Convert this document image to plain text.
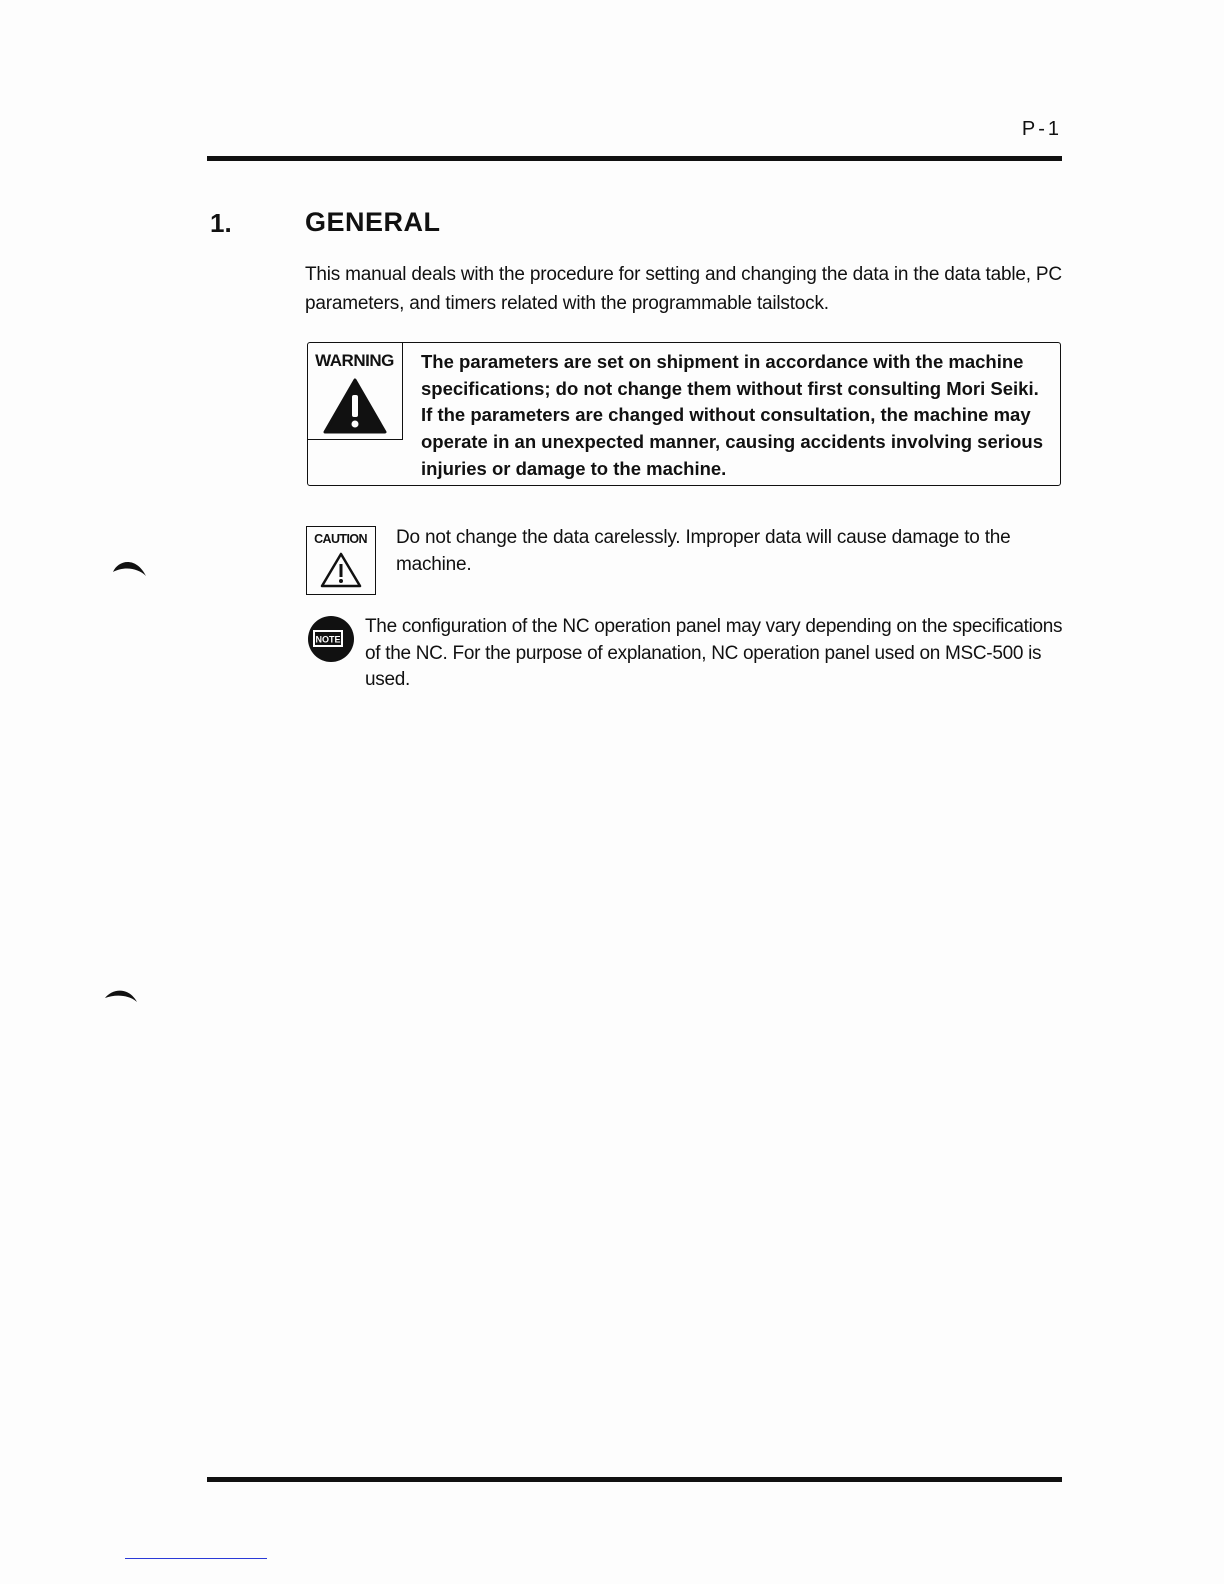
P-1
1.	GENERAL
This manual deals with the procedure for setting and changing the data in the data table, PC parameters, and timers related with the programmable tailstock.
WARNING	The parameters are set on shipment in accordance with the machine specifications; do not change them without first consulting Mori Seiki. If the parameters are changed without consultation, the machine may operate in an unexpected manner, causing accidents involving serious injuries or damage to the machine.
CAUTION	Do not change the data carelessly. Improper data will cause damage to the machine.
NOTE
The configuration of the NC operation panel may vary depending on the specifications of the NC. For the purpose of explanation, NC operation panel used on MSC-500 is used.
